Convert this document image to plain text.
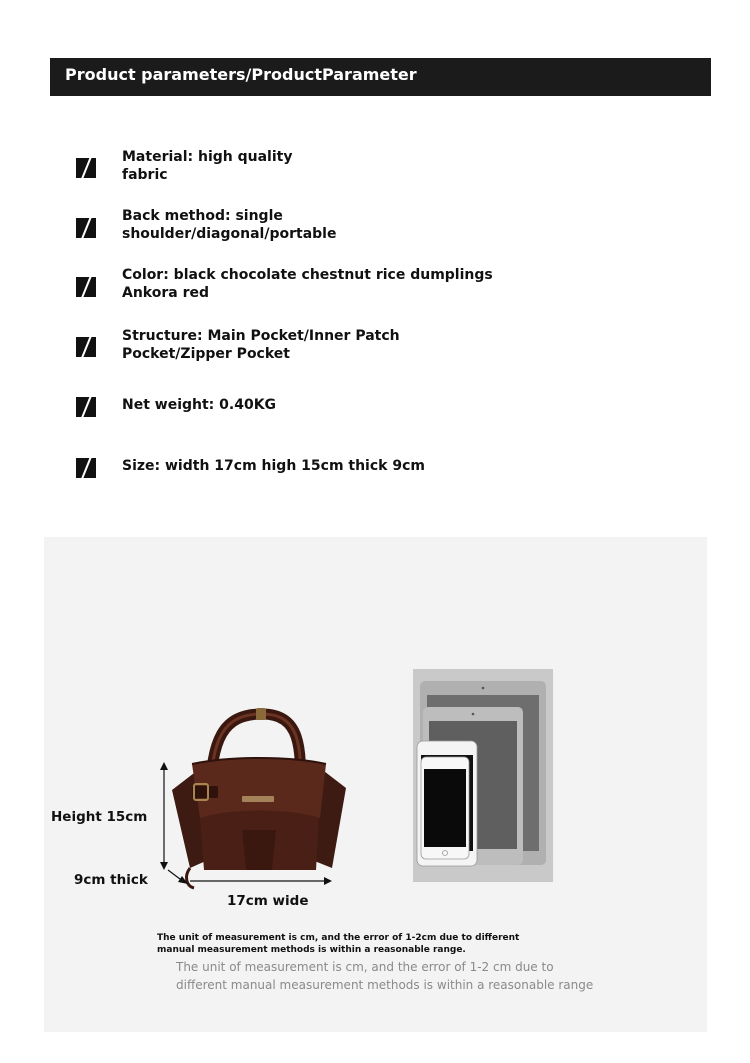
Product parameters/ProductParameter
Material: high quality
fabric
Back method: single
shoulder/diagonal/portable
Color: black chocolate chestnut rice dumplings
Ankora red
Structure: Main Pocket/Inner Patch
Pocket/Zipper Pocket
Net weight: 0.40KG
Size: width 17cm high 15cm thick 9cm
Height 15cm
9cm thick
17cm wide
The unit of measurement is cm, and the error of 1-2cm due to different manual measurement methods is within a reasonable range.
The unit of measurement is cm, and the error of 1-2 cm due to different manual measurement methods is within a reasonable range
